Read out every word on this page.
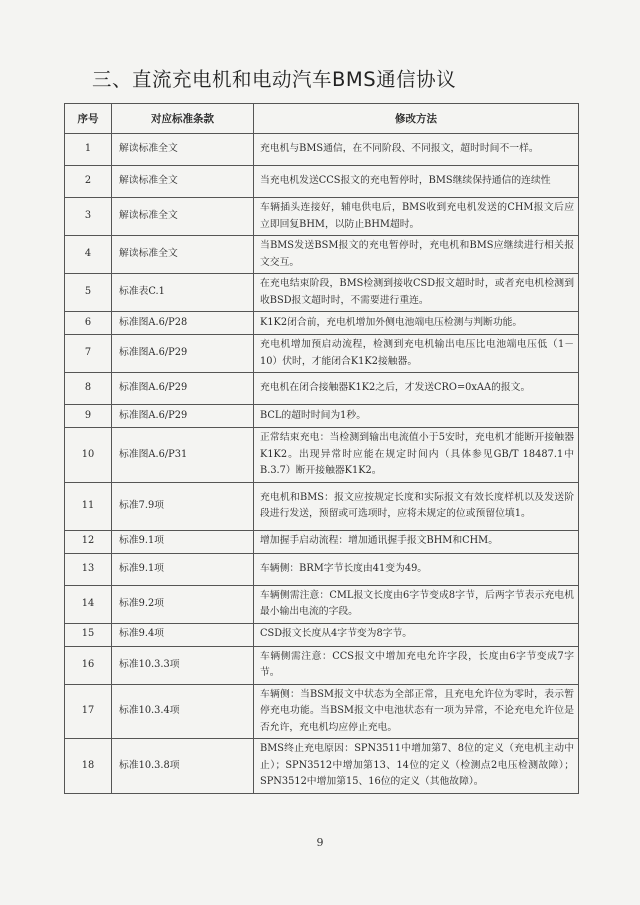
三、直流充电机和电动汽车BMS通信协议
序号	对应标准条款	修改方法
1	解读标准全文	充电机与BMS通信，在不同阶段、不同报文，超时时间不一样。
2	解读标准全文	当充电机发送CCS报文的充电暂停时，BMS继续保持通信的连续性
3	解读标准全文	车辆插头连接好，辅电供电后，BMS收到充电机发送的CHM报文后应立即回复BHM，以防止BHM超时。
4	解读标准全文	当BMS发送BSM报文的充电暂停时，充电机和BMS应继续进行相关报文交互。
5	标准表C.1	在充电结束阶段，BMS检测到接收CSD报文超时时，或者充电机检测到收BSD报文超时时，不需要进行重连。
6	标准图A.6/P28	K1K2闭合前，充电机增加外侧电池端电压检测与判断功能。
7	标准图A.6/P29	充电机增加预启动流程，检测到充电机输出电压比电池端电压低（1－10）伏时，才能闭合K1K2接触器。
8	标准图A.6/P29	充电机在闭合接触器K1K2之后，才发送CRO=0xAA的报文。
9	标准图A.6/P29	BCL的超时时间为1秒。
10	标准图A.6/P31	正常结束充电：当检测到输出电流值小于5安时，充电机才能断开接触器K1K2。出现异常时应能在规定时间内（具体参见GB/T 18487.1中B.3.7）断开接触器K1K2。
11	标准7.9项	充电机和BMS：报文应按规定长度和实际报文有效长度样机以及发送阶段进行发送，预留或可选项时，应将未规定的位或预留位填1。
12	标准9.1项	增加握手启动流程：增加通讯握手报文BHM和CHM。
13	标准9.1项	车辆侧：BRM字节长度由41变为49。
14	标准9.2项	车辆侧需注意：CML报文长度由6字节变成8字节，后两字节表示充电机最小输出电流的字段。
15	标准9.4项	CSD报文长度从4字节变为8字节。
16	标准10.3.3项	车辆侧需注意：CCS报文中增加充电允许字段，长度由6字节变成7字节。
17	标准10.3.4项	车辆侧：当BSM报文中状态为全部正常，且充电允许位为零时，表示暂停充电功能。当BSM报文中电池状态有一项为异常，不论充电允许位是否允许，充电机均应停止充电。
18	标准10.3.8项	BMS终止充电原因：SPN3511中增加第7、8位的定义（充电机主动中止）；SPN3512中增加第13、14位的定义（检测点2电压检测故障）；SPN3512中增加第15、16位的定义（其他故障）。
9
